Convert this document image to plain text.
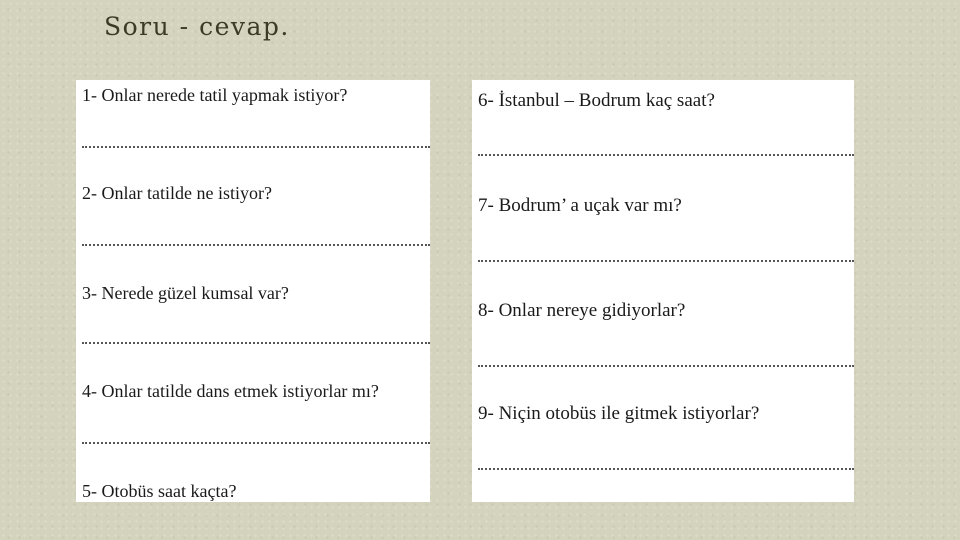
Soru - cevap.
1- Onlar nerede tatil yapmak istiyor?
2- Onlar tatilde ne istiyor?
3- Nerede güzel kumsal var?
4- Onlar tatilde dans etmek istiyorlar mı?
5- Otobüs saat kaçta?
6- İstanbul – Bodrum kaç saat?
7- Bodrum’ a uçak var mı?
8- Onlar nereye gidiyorlar?
9- Niçin otobüs ile gitmek istiyorlar?
